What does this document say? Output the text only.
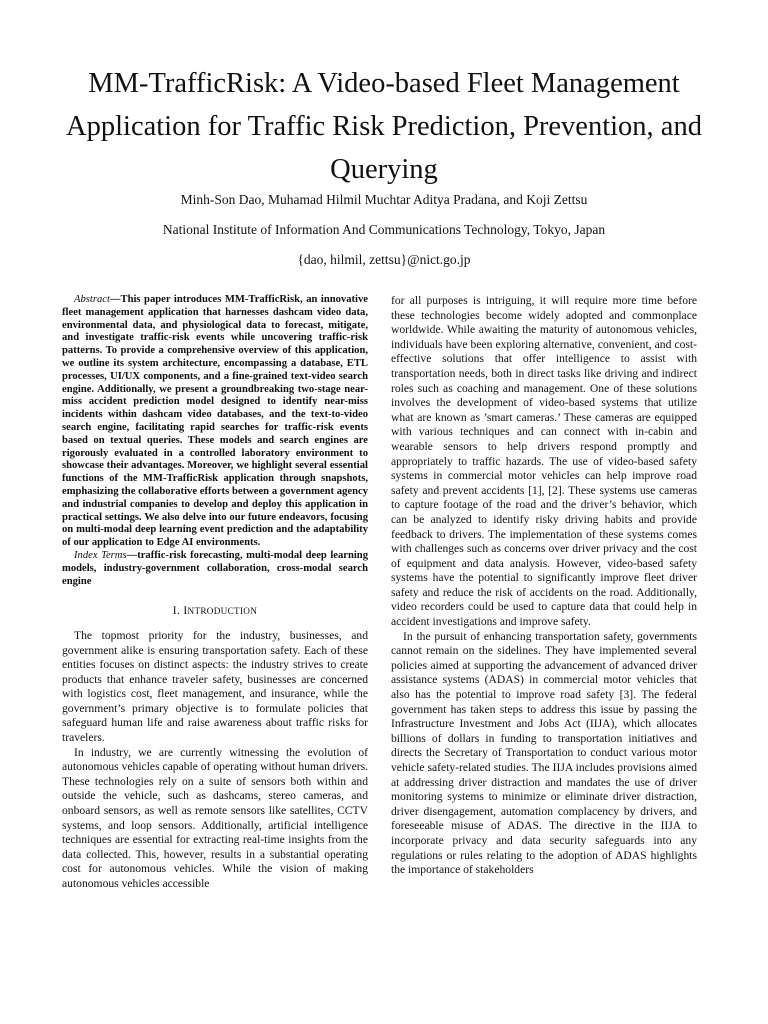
MM-TrafficRisk: A Video-based Fleet Management Application for Traffic Risk Prediction, Prevention, and Querying
Minh-Son Dao, Muhamad Hilmil Muchtar Aditya Pradana, and Koji Zettsu
National Institute of Information And Communications Technology, Tokyo, Japan
{dao, hilmil, zettsu}@nict.go.jp

Abstract—This paper introduces MM-TrafficRisk, an innovative fleet management application that harnesses dashcam video data, environmental data, and physiological data to forecast, mitigate, and investigate traffic-risk events while uncovering traffic-risk patterns. To provide a comprehensive overview of this application, we outline its system architecture, encompassing a database, ETL processes, UI/UX components, and a fine-grained text-video search engine. Additionally, we present a groundbreaking two-stage near-miss accident prediction model designed to identify near-miss incidents within dashcam video databases, and the text-to-video search engine, facilitating rapid searches for traffic-risk events based on textual queries. These models and search engines are rigorously evaluated in a controlled laboratory environment to showcase their advantages. Moreover, we highlight several essential functions of the MM-TrafficRisk application through snapshots, emphasizing the collaborative efforts between a government agency and industrial companies to develop and deploy this application in practical settings. We also delve into our future endeavors, focusing on multi-modal deep learning event prediction and the adaptability of our application to Edge AI environments.

Index Terms—traffic-risk forecasting, multi-modal deep learning models, industry-government collaboration, cross-modal search engine

I. INTRODUCTION

The topmost priority for the industry, businesses, and government alike is ensuring transportation safety. Each of these entities focuses on distinct aspects: the industry strives to create products that enhance traveler safety, businesses are concerned with logistics cost, fleet management, and insurance, while the government’s primary objective is to formulate policies that safeguard human life and raise awareness about traffic risks for travelers.

In industry, we are currently witnessing the evolution of autonomous vehicles capable of operating without human drivers. These technologies rely on a suite of sensors both within and outside the vehicle, such as dashcams, stereo cameras, and onboard sensors, as well as remote sensors like satellites, CCTV systems, and loop sensors. Additionally, artificial intelligence techniques are essential for extracting real-time insights from the data collected. This, however, results in a substantial operating cost for autonomous vehicles. While the vision of making autonomous vehicles accessible

for all purposes is intriguing, it will require more time before these technologies become widely adopted and commonplace worldwide. While awaiting the maturity of autonomous vehicles, individuals have been exploring alternative, convenient, and cost-effective solutions that offer intelligence to assist with transportation needs, both in direct tasks like driving and indirect roles such as coaching and management. One of these solutions involves the development of video-based systems that utilize what are known as ’smart cameras.’ These cameras are equipped with various techniques and can connect with in-cabin and wearable sensors to help drivers respond promptly and appropriately to traffic hazards. The use of video-based safety systems in commercial motor vehicles can help improve road safety and prevent accidents [1], [2]. These systems use cameras to capture footage of the road and the driver’s behavior, which can be analyzed to identify risky driving habits and provide feedback to drivers. The implementation of these systems comes with challenges such as concerns over driver privacy and the cost of equipment and data analysis. However, video-based safety systems have the potential to significantly improve fleet driver safety and reduce the risk of accidents on the road. Additionally, video recorders could be used to capture data that could help in accident investigations and improve safety.

In the pursuit of enhancing transportation safety, governments cannot remain on the sidelines. They have implemented several policies aimed at supporting the advancement of advanced driver assistance systems (ADAS) in commercial motor vehicles that also has the potential to improve road safety [3]. The federal government has taken steps to address this issue by passing the Infrastructure Investment and Jobs Act (IIJA), which allocates billions of dollars in funding to transportation initiatives and directs the Secretary of Transportation to conduct various motor vehicle safety-related studies. The IIJA includes provisions aimed at addressing driver distraction and mandates the use of driver monitoring systems to minimize or eliminate driver distraction, driver disengagement, automation complacency by drivers, and foreseeable misuse of ADAS. The directive in the IIJA to incorporate privacy and data security safeguards into any regulations or rules relating to the adoption of ADAS highlights the importance of stakeholders
